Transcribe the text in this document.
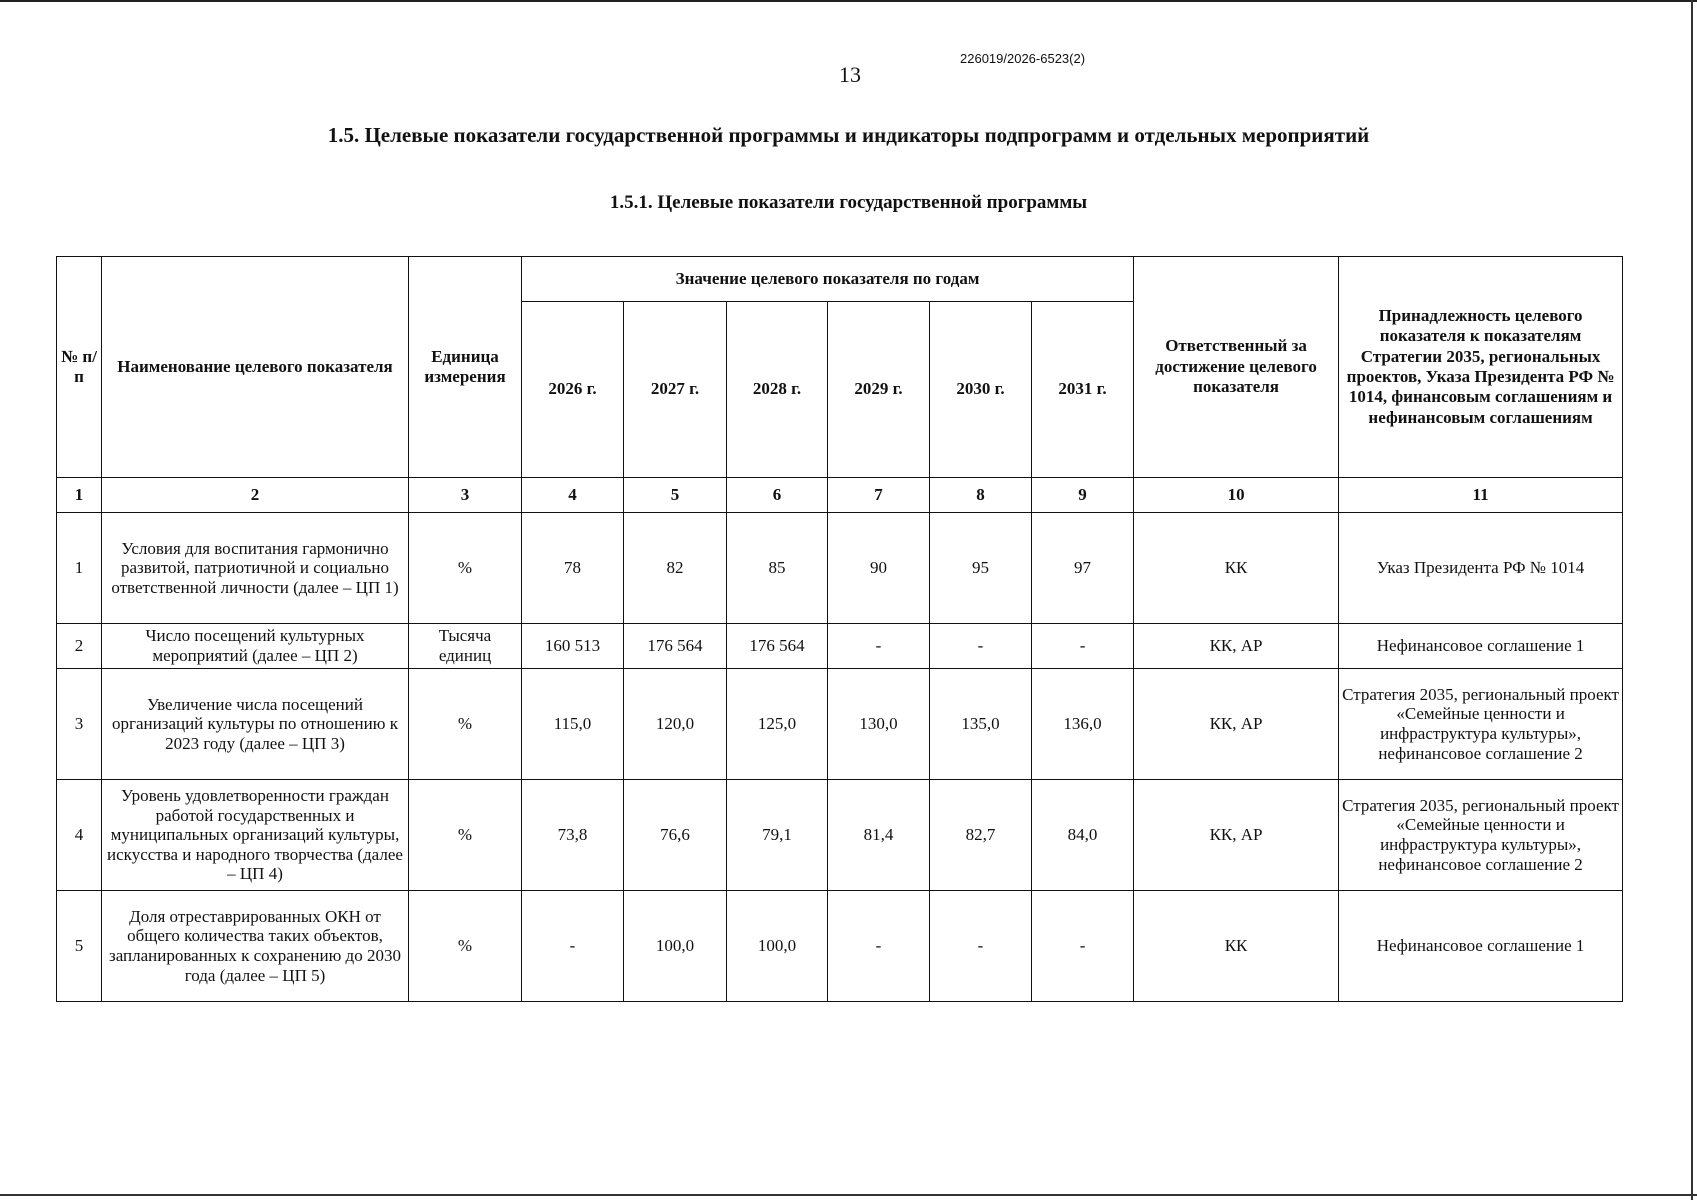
226019/2026-6523(2)
13
1.5. Целевые показатели государственной программы и индикаторы подпрограмм и отдельных мероприятий
1.5.1. Целевые показатели государственной программы
№ п/п	Наименование целевого показателя	Единица измерения	Значение целевого показателя по годам						Ответственный за достижение целевого показателя	Принадлежность целевого показателя к показателям Стратегии 2035, региональных проектов, Указа Президента РФ № 1014, финансовым соглашениям и нефинансовым соглашениям
			2026 г.	2027 г.	2028 г.	2029 г.	2030 г.	2031 г.		
1	2	3	4	5	6	7	8	9	10	11
1	Условия для воспитания гармонично развитой, патриотичной и социально ответственной личности (далее – ЦП 1)	%	78	82	85	90	95	97	КК	Указ Президента РФ № 1014
2	Число посещений культурных мероприятий (далее – ЦП 2)	Тысяча единиц	160 513	176 564	176 564	-	-	-	КК, АР	Нефинансовое соглашение 1
3	Увеличение числа посещений организаций культуры по отношению к 2023 году (далее – ЦП 3)	%	115,0	120,0	125,0	130,0	135,0	136,0	КК, АР	Стратегия 2035, региональный проект «Семейные ценности и инфраструктура культуры», нефинансовое соглашение 2
4	Уровень удовлетворенности граждан работой государственных и муниципальных организаций культуры, искусства и народного творчества (далее – ЦП 4)	%	73,8	76,6	79,1	81,4	82,7	84,0	КК, АР	Стратегия 2035, региональный проект «Семейные ценности и инфраструктура культуры», нефинансовое соглашение 2
5	Доля отреставрированных ОКН от общего количества таких объектов, запланированных к сохранению до 2030 года (далее – ЦП 5)	%	-	100,0	100,0	-	-	-	КК	Нефинансовое соглашение 1
